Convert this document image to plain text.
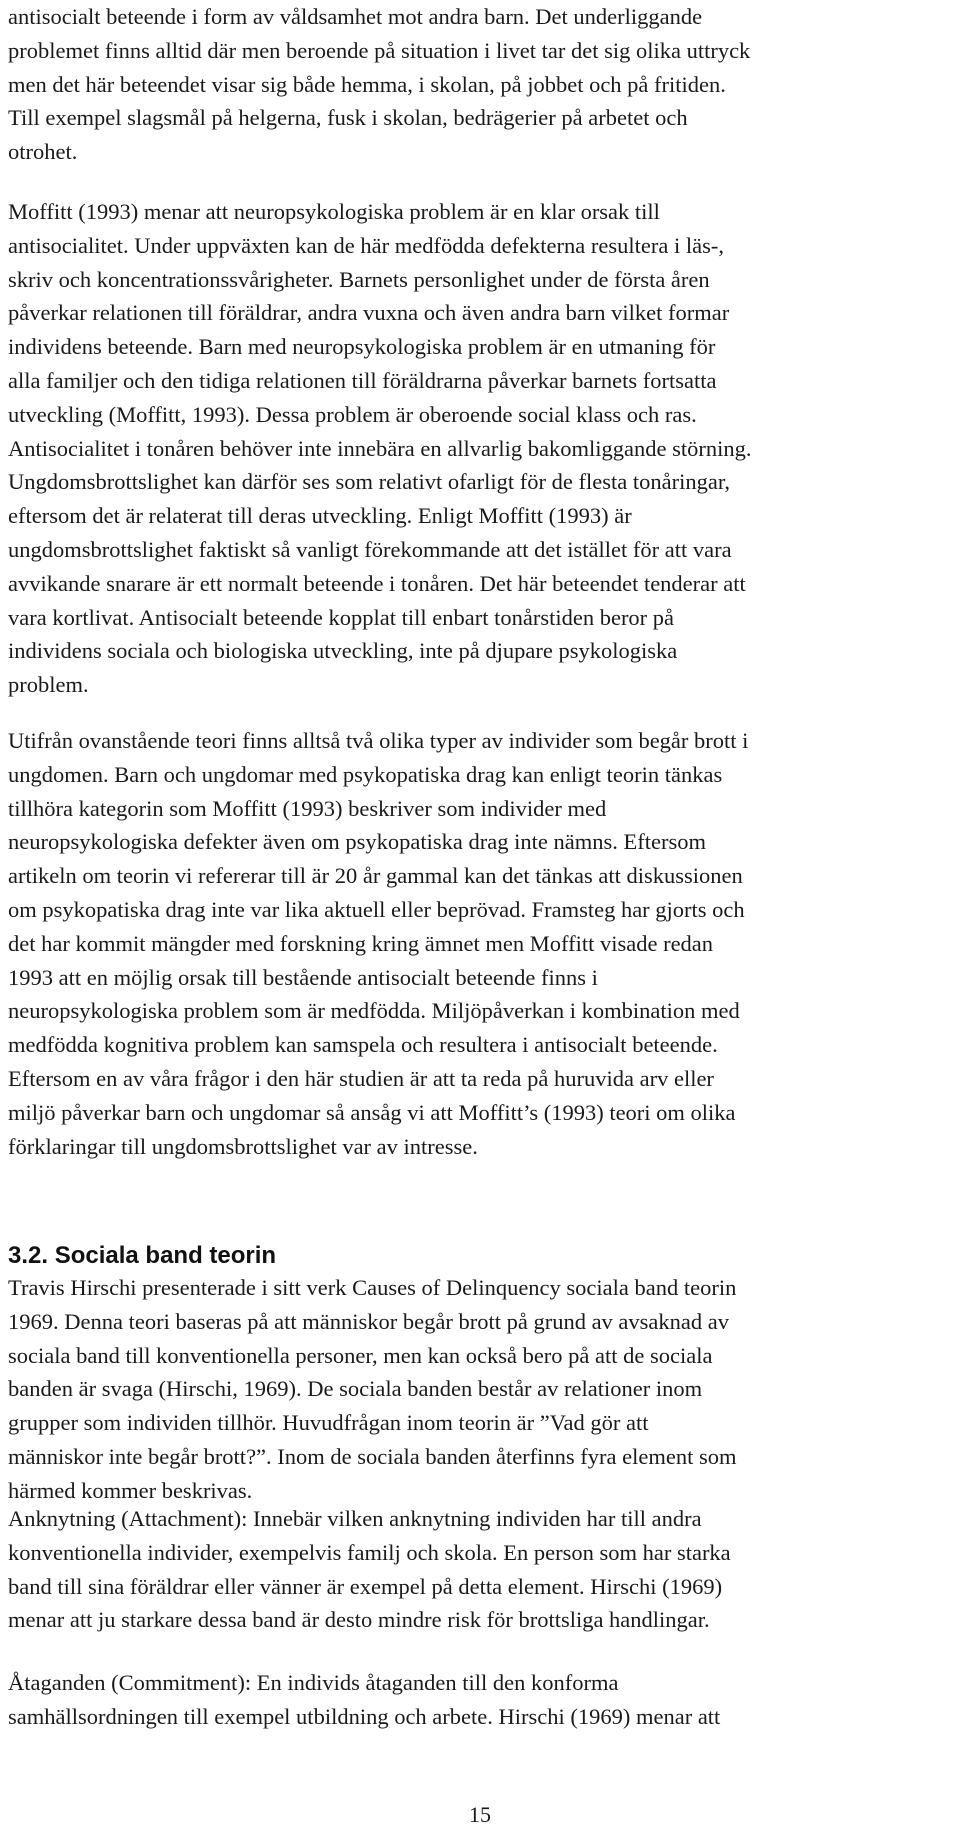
antisocialt beteende i form av våldsamhet mot andra barn. Det underliggande
problemet finns alltid där men beroende på situation i livet tar det sig olika uttryck
men det här beteendet visar sig både hemma, i skolan, på jobbet och på fritiden.
Till exempel slagsmål på helgerna, fusk i skolan, bedrägerier på arbetet och
otrohet.

Moffitt (1993) menar att neuropsykologiska problem är en klar orsak till
antisocialitet. Under uppväxten kan de här medfödda defekterna resultera i läs-,
skriv och koncentrationssvårigheter. Barnets personlighet under de första åren
påverkar relationen till föräldrar, andra vuxna och även andra barn vilket formar
individens beteende. Barn med neuropsykologiska problem är en utmaning för
alla familjer och den tidiga relationen till föräldrarna påverkar barnets fortsatta
utveckling (Moffitt, 1993). Dessa problem är oberoende social klass och ras.
Antisocialitet i tonåren behöver inte innebära en allvarlig bakomliggande störning.
Ungdomsbrottslighet kan därför ses som relativt ofarligt för de flesta tonåringar,
eftersom det är relaterat till deras utveckling. Enligt Moffitt (1993) är
ungdomsbrottslighet faktiskt så vanligt förekommande att det istället för att vara
avvikande snarare är ett normalt beteende i tonåren. Det här beteendet tenderar att
vara kortlivat. Antisocialt beteende kopplat till enbart tonårstiden beror på
individens sociala och biologiska utveckling, inte på djupare psykologiska
problem.

Utifrån ovanstående teori finns alltså två olika typer av individer som begår brott i
ungdomen. Barn och ungdomar med psykopatiska drag kan enligt teorin tänkas
tillhöra kategorin som Moffitt (1993) beskriver som individer med
neuropsykologiska defekter även om psykopatiska drag inte nämns. Eftersom
artikeln om teorin vi refererar till är 20 år gammal kan det tänkas att diskussionen
om psykopatiska drag inte var lika aktuell eller beprövad. Framsteg har gjorts och
det har kommit mängder med forskning kring ämnet men Moffitt visade redan
1993 att en möjlig orsak till bestående antisocialt beteende finns i
neuropsykologiska problem som är medfödda. Miljöpåverkan i kombination med
medfödda kognitiva problem kan samspela och resultera i antisocialt beteende.
Eftersom en av våra frågor i den här studien är att ta reda på huruvida arv eller
miljö påverkar barn och ungdomar så ansåg vi att Moffitt’s (1993) teori om olika
förklaringar till ungdomsbrottslighet var av intresse.

3.2. Sociala band teorin

Travis Hirschi presenterade i sitt verk Causes of Delinquency sociala band teorin
1969. Denna teori baseras på att människor begår brott på grund av avsaknad av
sociala band till konventionella personer, men kan också bero på att de sociala
banden är svaga (Hirschi, 1969). De sociala banden består av relationer inom
grupper som individen tillhör. Huvudfrågan inom teorin är ”Vad gör att
människor inte begår brott?”. Inom de sociala banden återfinns fyra element som
härmed kommer beskrivas.

Anknytning (Attachment): Innebär vilken anknytning individen har till andra
konventionella individer, exempelvis familj och skola. En person som har starka
band till sina föräldrar eller vänner är exempel på detta element. Hirschi (1969)
menar att ju starkare dessa band är desto mindre risk för brottsliga handlingar.

Åtaganden (Commitment): En individs åtaganden till den konforma
samhällsordningen till exempel utbildning och arbete. Hirschi (1969) menar att

15
